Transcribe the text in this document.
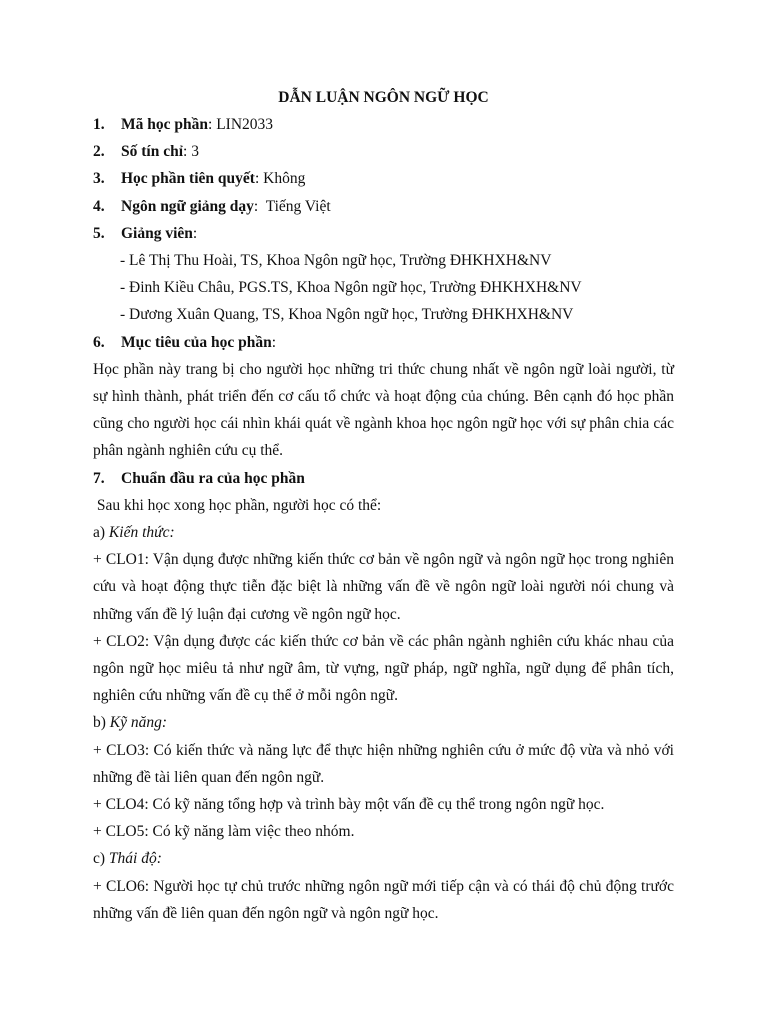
DẪN LUẬN NGÔN NGỮ HỌC

1. Mã học phần: LIN2033

2. Số tín chỉ: 3

3. Học phần tiên quyết: Không

4. Ngôn ngữ giảng dạy:  Tiếng Việt

5. Giảng viên:

- Lê Thị Thu Hoài, TS, Khoa Ngôn ngữ học, Trường ĐHKHXH&NV

- Đinh Kiều Châu, PGS.TS, Khoa Ngôn ngữ học, Trường ĐHKHXH&NV

- Dương Xuân Quang, TS, Khoa Ngôn ngữ học, Trường ĐHKHXH&NV

6. Mục tiêu của học phần:

Học phần này trang bị cho người học những tri thức chung nhất về ngôn ngữ loài người, từ sự hình thành, phát triển đến cơ cấu tổ chức và hoạt động của chúng. Bên cạnh đó học phần cũng cho người học cái nhìn khái quát về ngành khoa học ngôn ngữ học với sự phân chia các phân ngành nghiên cứu cụ thể.

7. Chuẩn đầu ra của học phần

Sau khi học xong học phần, người học có thể:

a) Kiến thức:

+ CLO1: Vận dụng được những kiến thức cơ bản về ngôn ngữ và ngôn ngữ học trong nghiên cứu và hoạt động thực tiễn đặc biệt là những vấn đề về ngôn ngữ loài người nói chung và những vấn đề lý luận đại cương về ngôn ngữ học.

+ CLO2: Vận dụng được các kiến thức cơ bản về các phân ngành nghiên cứu khác nhau của ngôn ngữ học miêu tả như ngữ âm, từ vựng, ngữ pháp, ngữ nghĩa, ngữ dụng để phân tích, nghiên cứu những vấn đề cụ thể ở mỗi ngôn ngữ.

b) Kỹ năng:

+ CLO3: Có kiến thức và năng lực để thực hiện những nghiên cứu ở mức độ vừa và nhỏ với những đề tài liên quan đến ngôn ngữ.

+ CLO4: Có kỹ năng tổng hợp và trình bày một vấn đề cụ thể trong ngôn ngữ học.

+ CLO5: Có kỹ năng làm việc theo nhóm.

c) Thái độ:

+ CLO6: Người học tự chủ trước những ngôn ngữ mới tiếp cận và có thái độ chủ động trước những vấn đề liên quan đến ngôn ngữ và ngôn ngữ học.
